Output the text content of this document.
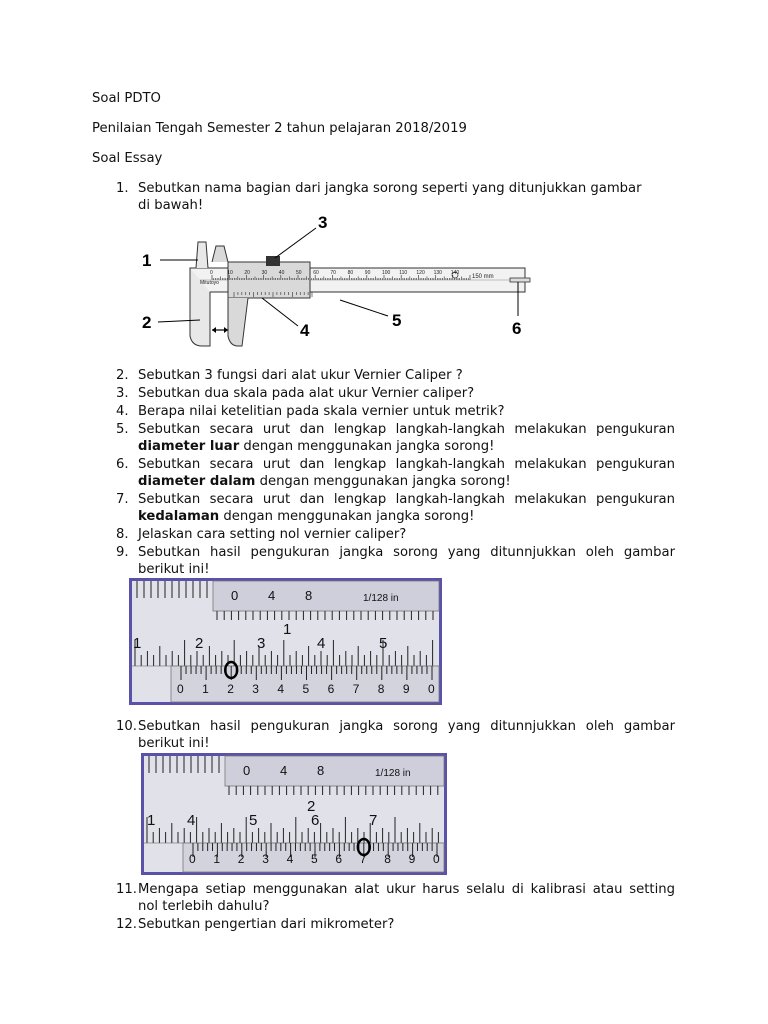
Soal PDTO
Penilaian Tengah Semester 2 tahun pelajaran 2018/2019
Soal Essay
1. Sebutkan nama bagian dari jangka sorong seperti yang ditunjukkan gambar
di bawah!
0	10 20 30 40 50 60 70 80 90 100 110 120 130 140
Mitutoyo
150 mm
1
2
3
4
5	6
2. Sebutkan 3 fungsi dari alat ukur Vernier Caliper ?
3. Sebutkan dua skala pada alat ukur Vernier caliper?
4. Berapa nilai ketelitian pada skala vernier untuk metrik?
5. Sebutkan secara urut dan lengkap langkah-langkah melakukan pengukuran
diameter luar dengan menggunakan jangka sorong!
6. Sebutkan secara urut dan lengkap langkah-langkah melakukan pengukuran
diameter dalam dengan menggunakan jangka sorong!
7. Sebutkan secara urut dan lengkap langkah-langkah melakukan pengukuran
kedalaman dengan menggunakan jangka sorong!
8. Jelaskan cara setting nol vernier caliper?
9. Sebutkan hasil pengukuran jangka sorong yang ditunnjukkan oleh gambar
berikut ini!
0 4 8	1/128 in
1
1	2	3	4	5
0 1 2 3 4 5 6 7 8 9 0
10. Sebutkan hasil pengukuran jangka sorong yang ditunnjukkan oleh gambar
berikut ini!
0 4 8	1/128 in
2
1 4	5	6	7
0 1 2 3 4 5 6 7 8 9 0
11. Mengapa setiap menggunakan alat ukur harus selalu di kalibrasi atau setting
nol terlebih dahulu?
12. Sebutkan pengertian dari mikrometer?
